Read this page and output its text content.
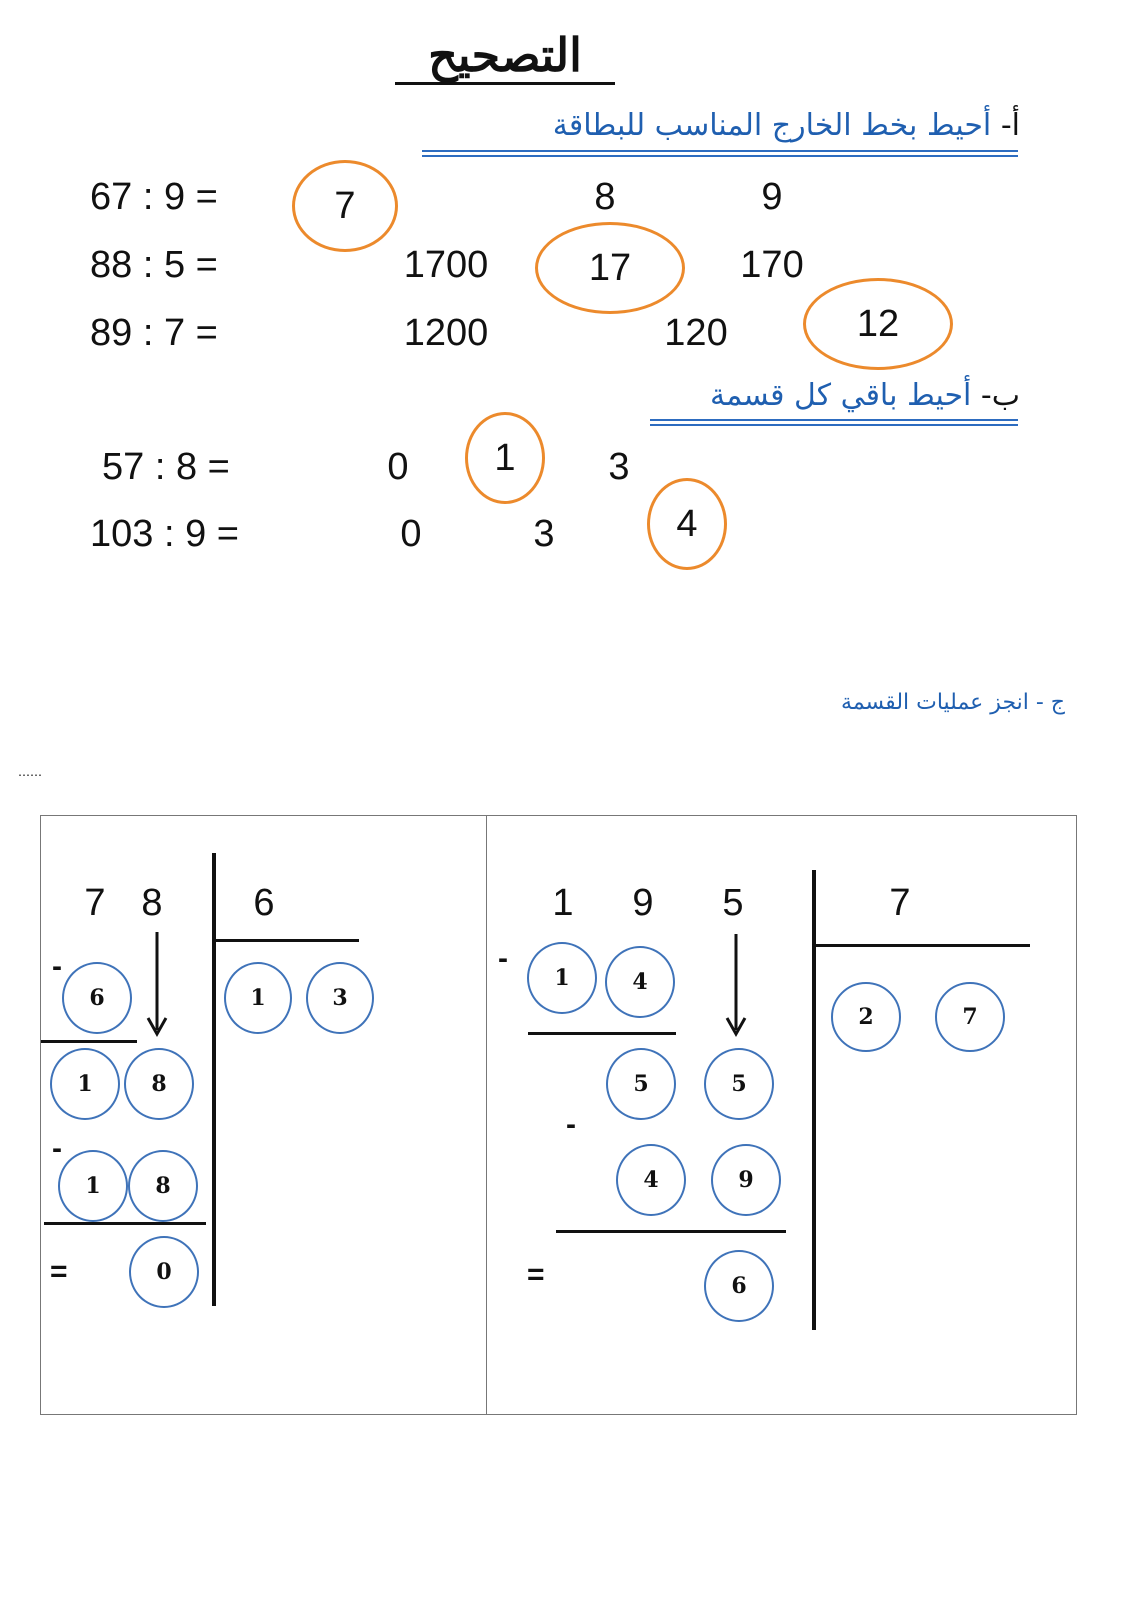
التصحيح
أ- أحيط بخط الخارج المناسب للبطاقة
67 : 9 =	7	8	9
88 : 5 =	1700	17	170
89 : 7 =	1200	120	12
ب- أحيط باقي كل قسمة
57 : 8 =	0 1 3
103 : 9 =	0	3	4
ج - انجز عمليات القسمة
……
7 8 6
1	3
-
6
1	8
-
1 8
=	0
1 9 5	7
2	7
-
1	4
5	5
-
4	9
=	6
